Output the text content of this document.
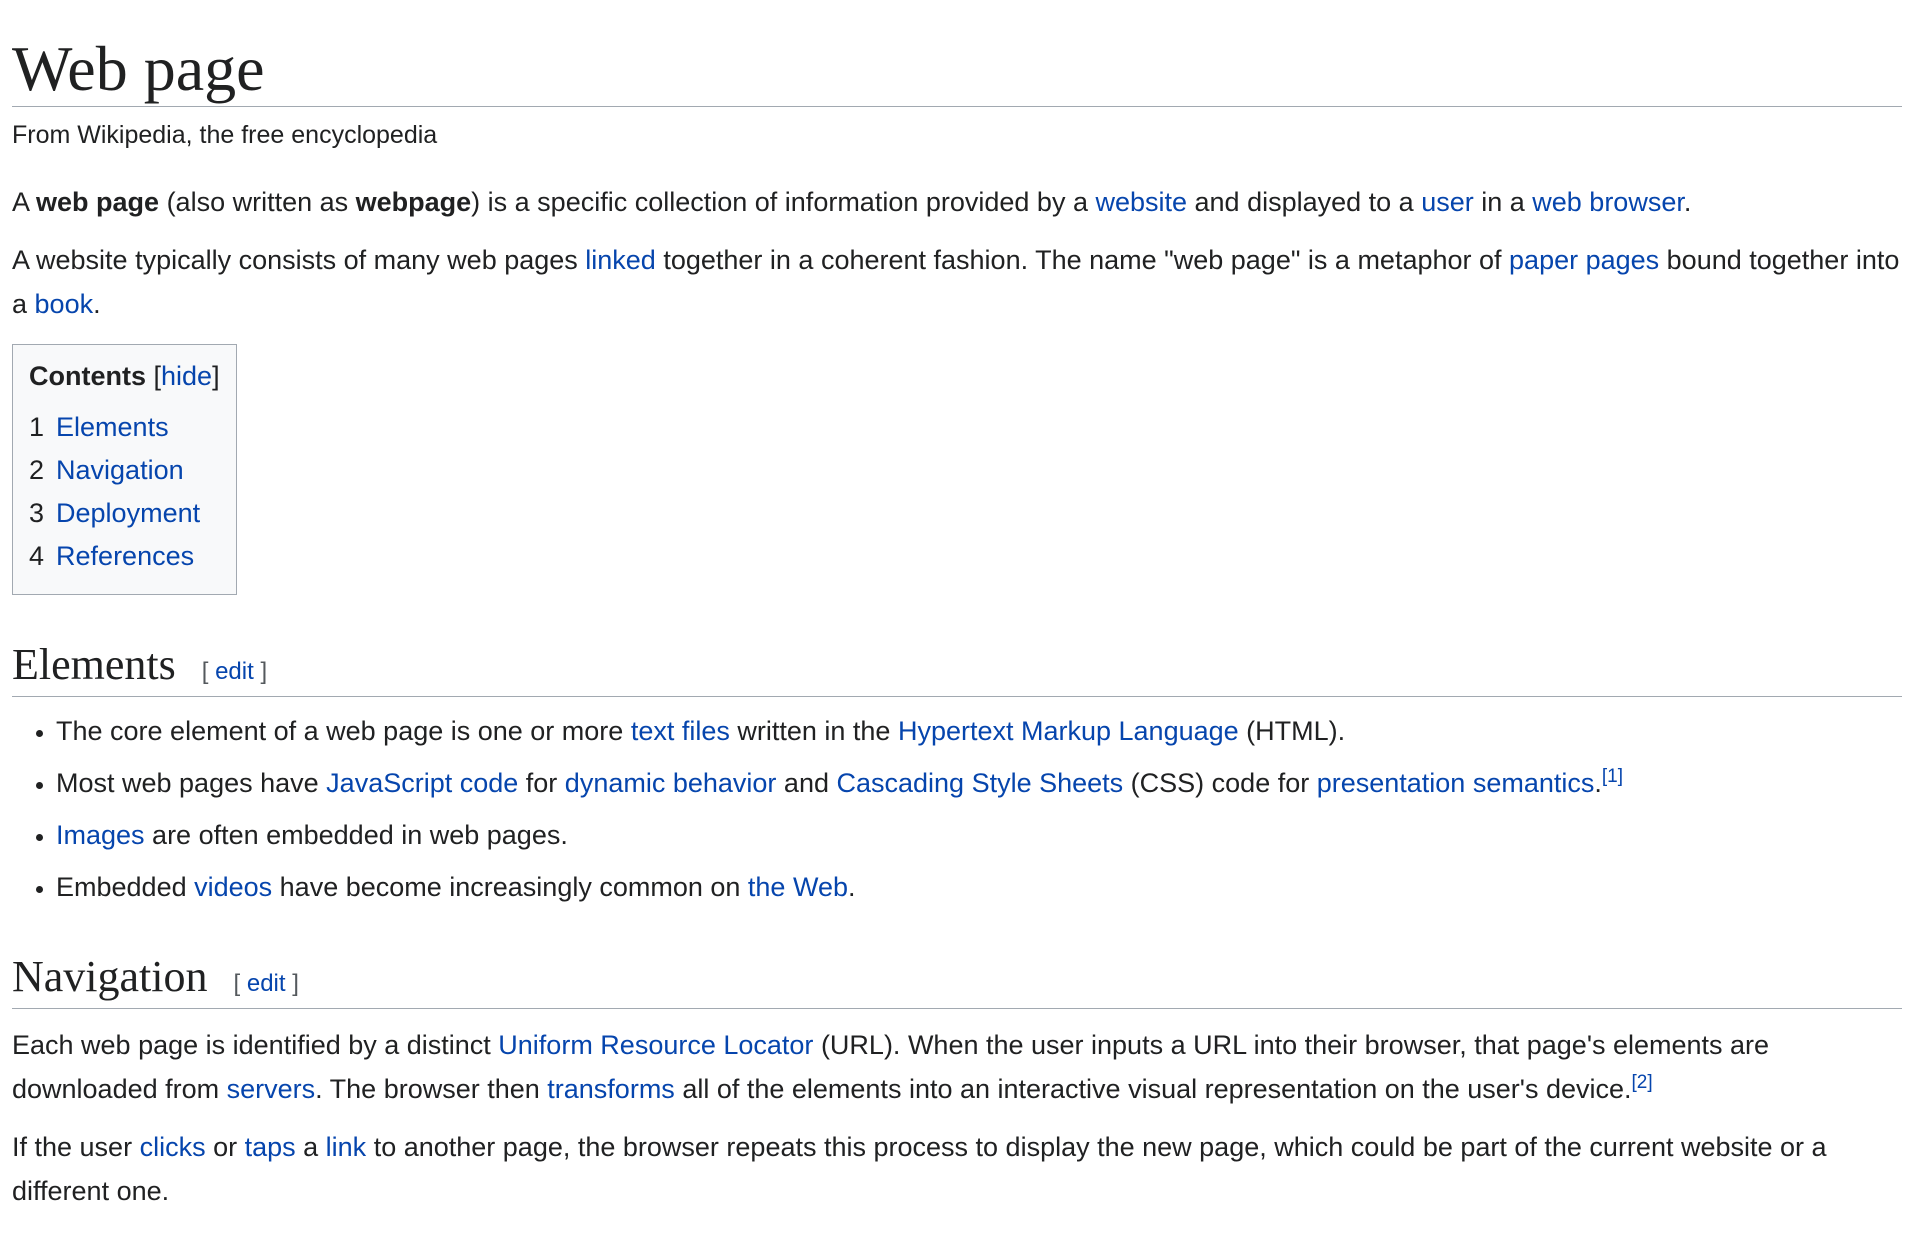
Web page
From Wikipedia, the free encyclopedia

A web page (also written as webpage) is a specific collection of information provided by a website and displayed to a user in a web browser.

A website typically consists of many web pages linked together in a coherent fashion. The name "web page" is a metaphor of paper pages bound together into a book.

Contents [hide]
1 Elements
2 Navigation
3 Deployment
4 References
Elements [ edit ]
• The core element of a web page is one or more text files written in the Hypertext Markup Language (HTML).
• Most web pages have JavaScript code for dynamic behavior and Cascading Style Sheets (CSS) code for presentation semantics.[1]
• Images are often embedded in web pages.
• Embedded videos have become increasingly common on the Web.
Navigation [ edit ]

Each web page is identified by a distinct Uniform Resource Locator (URL). When the user inputs a URL into their browser, that page's elements are downloaded from servers. The browser then transforms all of the elements into an interactive visual representation on the user's device.[2]

If the user clicks or taps a link to another page, the browser repeats this process to display the new page, which could be part of the current website or a different one.
